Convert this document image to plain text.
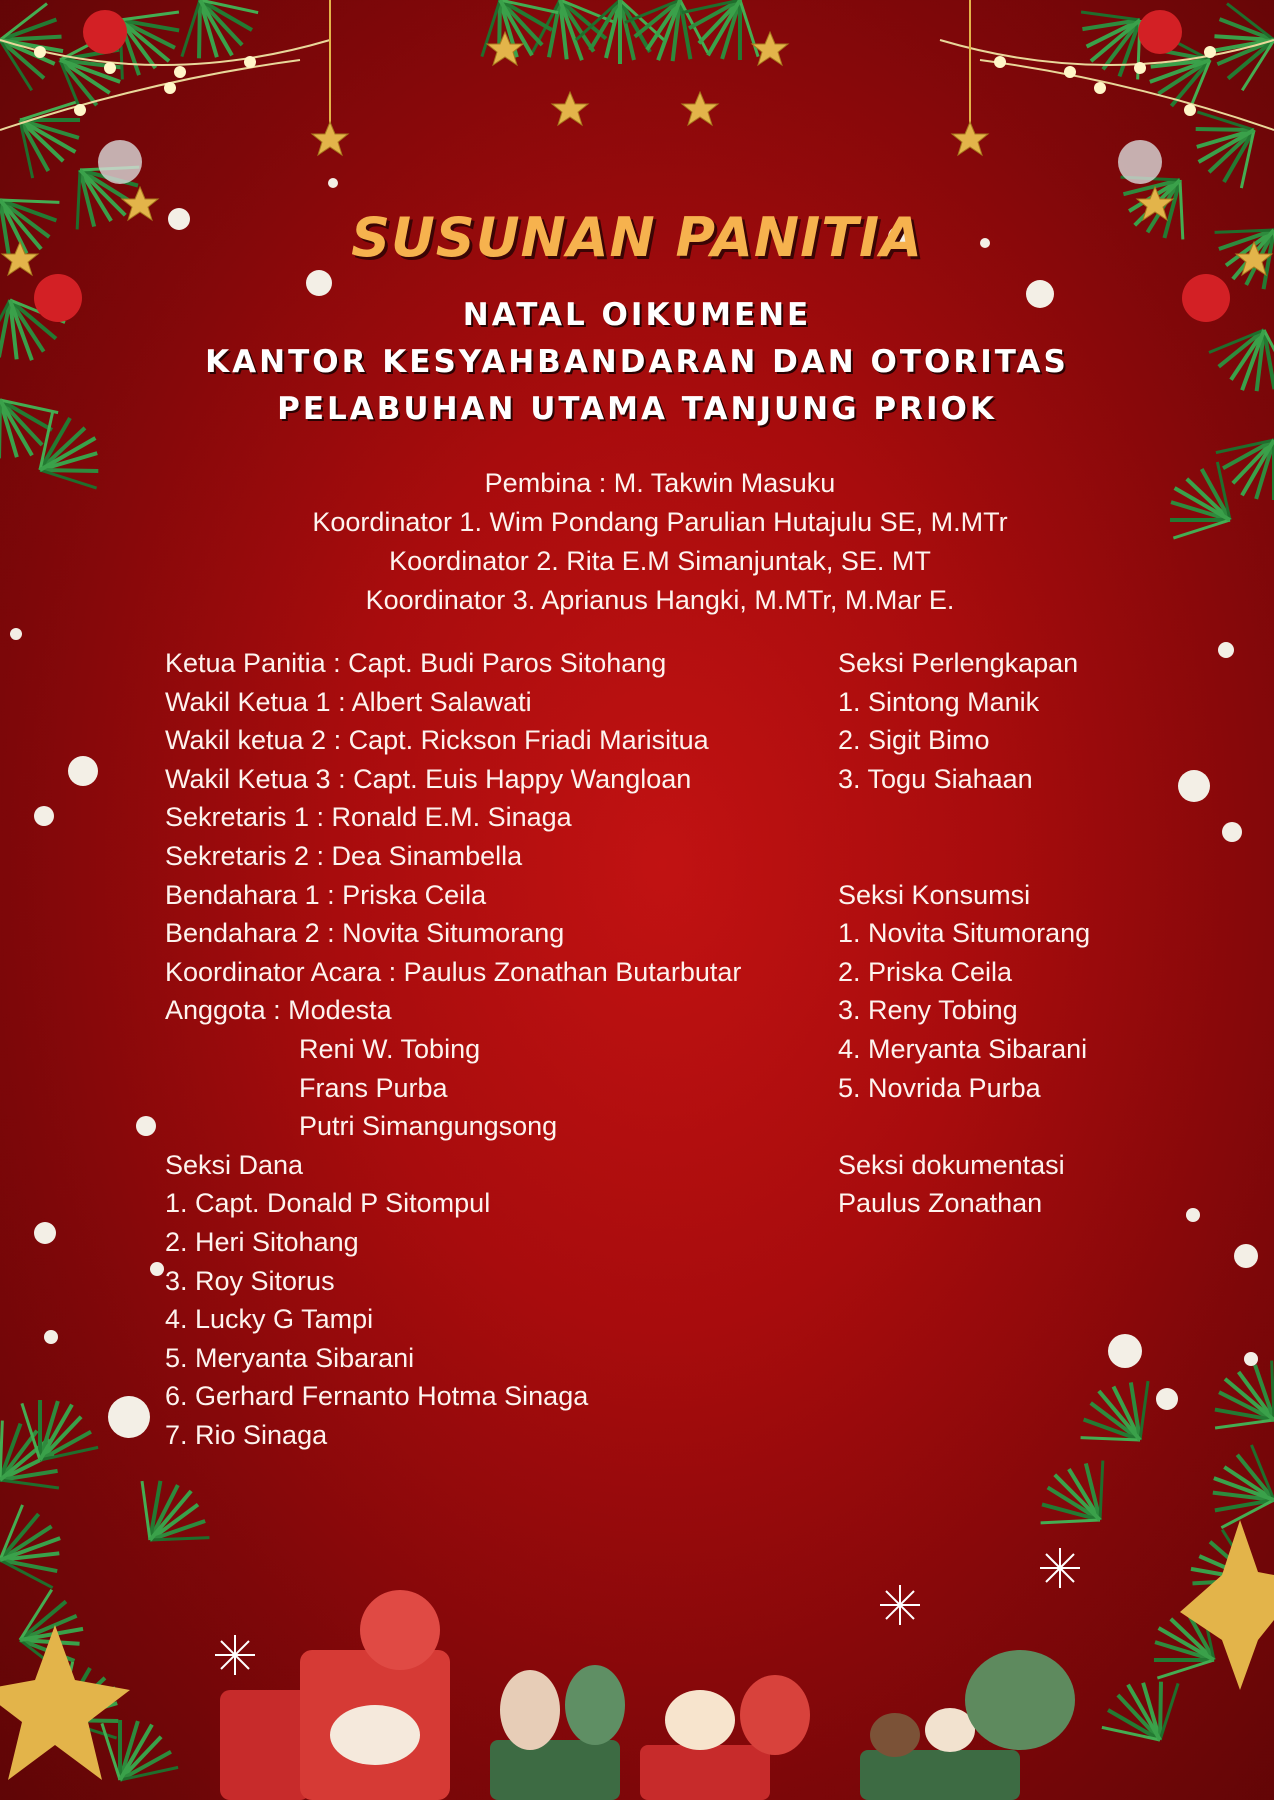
SUSUNAN PANITIA
NATAL OIKUMENE
KANTOR KESYAHBANDARAN DAN OTORITAS
PELABUHAN UTAMA TANJUNG PRIOK
Pembina : M. Takwin Masuku
Koordinator 1. Wim Pondang Parulian Hutajulu SE, M.MTr
Koordinator 2. Rita E.M Simanjuntak, SE. MT
Koordinator 3. Aprianus Hangki, M.MTr, M.Mar E.
Ketua Panitia : Capt. Budi Paros Sitohang
Wakil Ketua 1 : Albert Salawati
Wakil ketua 2 : Capt. Rickson Friadi Marisitua
Wakil Ketua 3 : Capt. Euis Happy Wangloan
Sekretaris 1 : Ronald E.M. Sinaga
Sekretaris 2 : Dea Sinambella
Bendahara 1 : Priska Ceila
Bendahara 2 : Novita Situmorang
Koordinator Acara : Paulus Zonathan Butarbutar
Anggota : Modesta
Reni W. Tobing
Frans Purba
Putri Simangungsong
Seksi Dana
1. Capt. Donald P Sitompul
2. Heri Sitohang
3. Roy Sitorus
4. Lucky G Tampi
5. Meryanta Sibarani
6. Gerhard Fernanto Hotma Sinaga
7. Rio Sinaga
Seksi Perlengkapan
1. Sintong Manik
2. Sigit Bimo
3. Togu Siahaan
Seksi Konsumsi
1. Novita Situmorang
2. Priska Ceila
3. Reny Tobing
4. Meryanta Sibarani
5. Novrida Purba
Seksi dokumentasi
Paulus Zonathan
